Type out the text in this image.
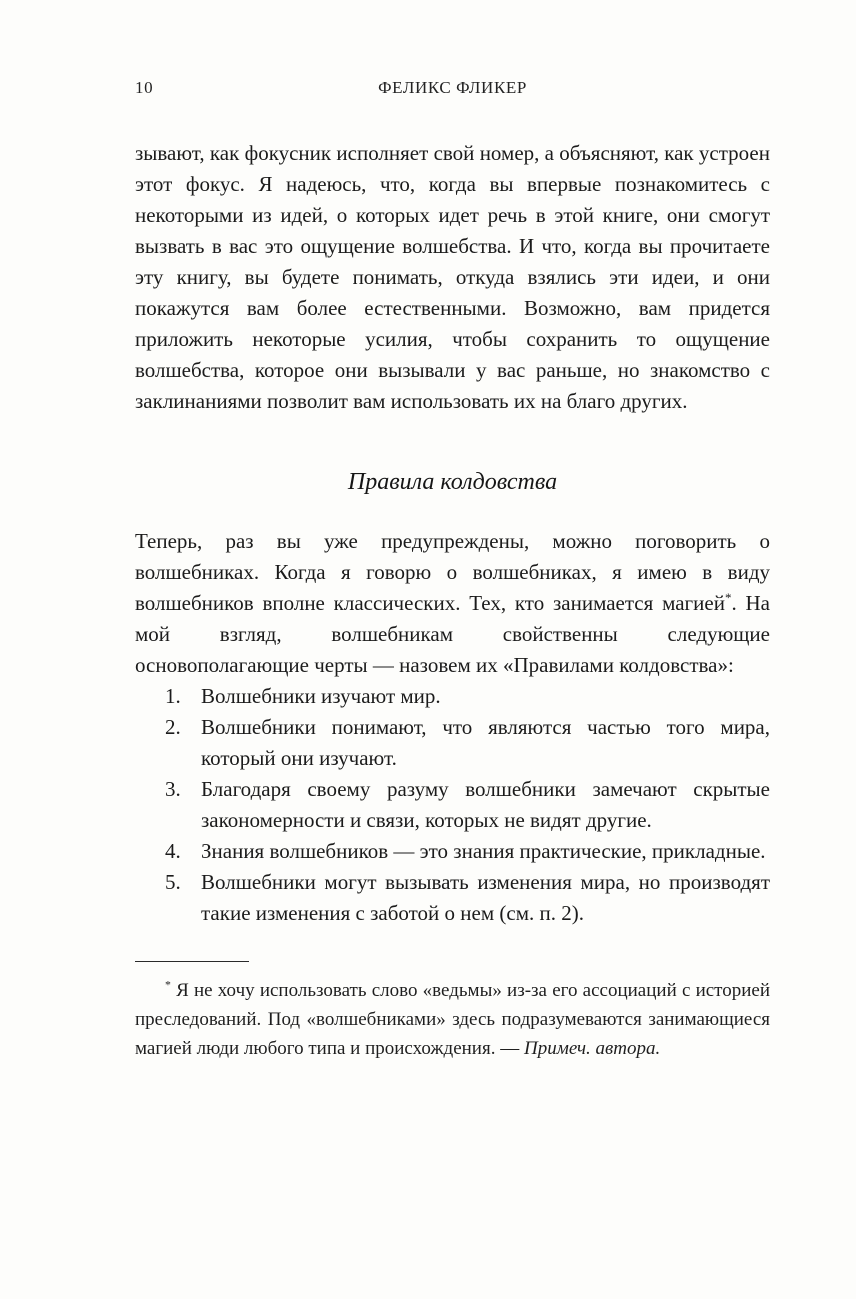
10	ФЕЛИКС ФЛИКЕР

зывают, как фокусник исполняет свой номер, а объясняют, как устроен этот фокус. Я надеюсь, что, когда вы впервые познакомитесь с некоторыми из идей, о которых идет речь в этой книге, они смогут вызвать в вас это ощущение волшебства. И что, когда вы прочитаете эту книгу, вы будете понимать, откуда взялись эти идеи, и они покажутся вам более естественными. Возможно, вам придется приложить некоторые усилия, чтобы сохранить то ощущение волшебства, которое они вызывали у вас раньше, но знакомство с заклинаниями позволит вам использовать их на благо других.

Правила колдовства

Теперь, раз вы уже предупреждены, можно поговорить о волшебниках. Когда я говорю о волшебниках, я имею в виду волшебников вполне классических. Тех, кто занимается магией*. На мой взгляд, волшебникам свойственны следующие основополагающие черты — назовем их «Правилами колдовства»:

1. Волшебники изучают мир.
2. Волшебники понимают, что являются частью того мира, который они изучают.
3. Благодаря своему разуму волшебники замечают скрытые закономерности и связи, которых не видят другие.
4. Знания волшебников — это знания практические, прикладные.
5. Волшебники могут вызывать изменения мира, но производят такие изменения с заботой о нем (см. п. 2).

* Я не хочу использовать слово «ведьмы» из-за его ассоциаций с историей преследований. Под «волшебниками» здесь подразумеваются занимающиеся магией люди любого типа и происхождения. — Примеч. автора.
